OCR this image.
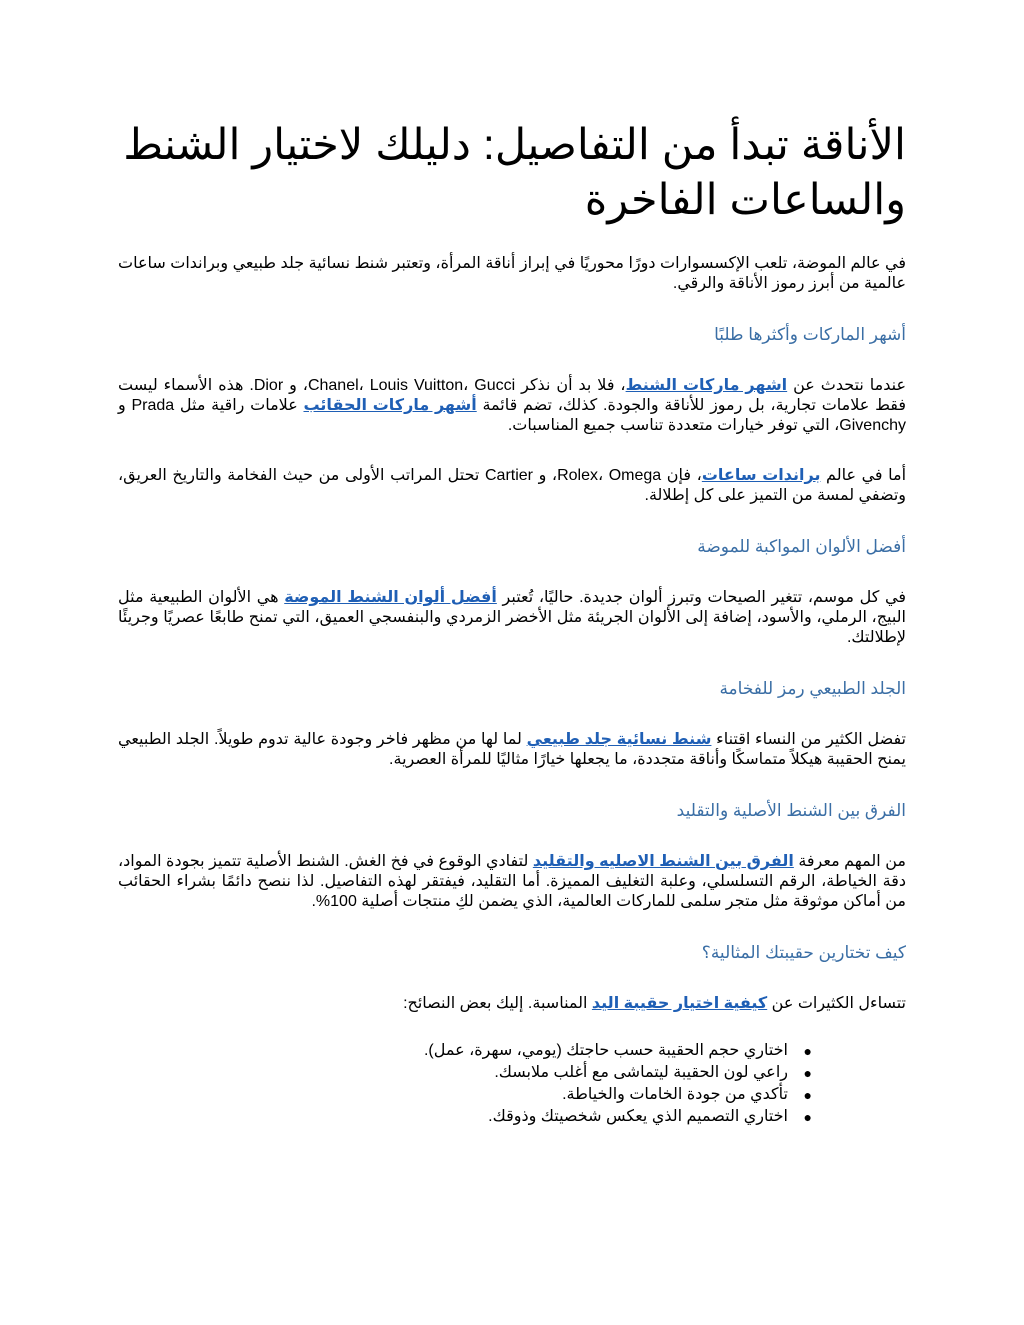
الأناقة تبدأ من التفاصيل: دليلك لاختيار الشنط والساعات الفاخرة

في عالم الموضة، تلعب الإكسسوارات دورًا محوريًا في إبراز أناقة المرأة، وتعتبر شنط نسائية جلد طبيعي وبراندات ساعات عالمية من أبرز رموز الأناقة والرقي.

أشهر الماركات وأكثرها طلبًا

عندما نتحدث عن اشهر ماركات الشنط، فلا بد أن نذكر Chanel، Louis Vuitton، Gucci، و Dior. هذه الأسماء ليست فقط علامات تجارية، بل رموز للأناقة والجودة. كذلك، تضم قائمة أشهر ماركات الحقائب علامات راقية مثل Prada و Givenchy، التي توفر خيارات متعددة تناسب جميع المناسبات.

أما في عالم براندات ساعات، فإن Rolex، Omega، و Cartier تحتل المراتب الأولى من حيث الفخامة والتاريخ العريق، وتضفي لمسة من التميز على كل إطلالة.

أفضل الألوان المواكبة للموضة

في كل موسم، تتغير الصيحات وتبرز ألوان جديدة. حاليًا، تُعتبر أفضل ألوان الشنط الموضة هي الألوان الطبيعية مثل البيج، الرملي، والأسود، إضافة إلى الألوان الجريئة مثل الأخضر الزمردي والبنفسجي العميق، التي تمنح طابعًا عصريًا وجريئًا لإطلالتك.

الجلد الطبيعي رمز للفخامة

تفضل الكثير من النساء اقتناء شنط نسائية جلد طبيعي لما لها من مظهر فاخر وجودة عالية تدوم طويلاً. الجلد الطبيعي يمنح الحقيبة هيكلاً متماسكًا وأناقة متجددة، ما يجعلها خيارًا مثاليًا للمرأة العصرية.

الفرق بين الشنط الأصلية والتقليد

من المهم معرفة الفرق بين الشنط الاصليه والتقليد لتفادي الوقوع في فخ الغش. الشنط الأصلية تتميز بجودة المواد، دقة الخياطة، الرقم التسلسلي، وعلبة التغليف المميزة. أما التقليد، فيفتقر لهذه التفاصيل. لذا ننصح دائمًا بشراء الحقائب من أماكن موثوقة مثل متجر سلمى للماركات العالمية، الذي يضمن لكِ منتجات أصلية 100%.

كيف تختارين حقيبتك المثالية؟

تتساءل الكثيرات عن كيفية اختيار حقيبة اليد المناسبة. إليك بعض النصائح:

●
اختاري حجم الحقيبة حسب حاجتك (يومي، سهرة، عمل).
●
راعي لون الحقيبة ليتماشى مع أغلب ملابسك.
●
تأكدي من جودة الخامات والخياطة.
●
اختاري التصميم الذي يعكس شخصيتك وذوقك.
